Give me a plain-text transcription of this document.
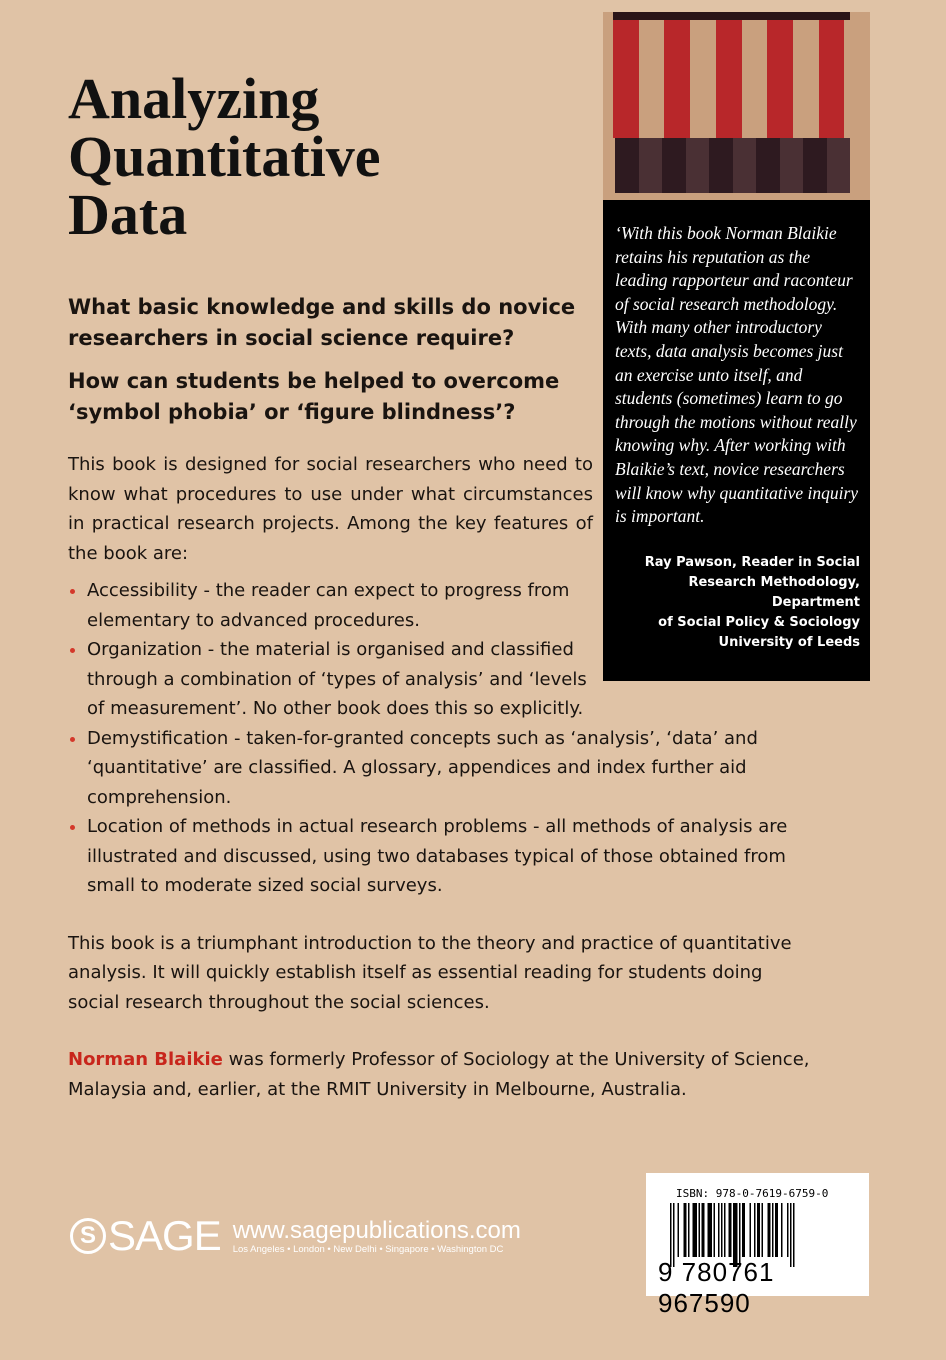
‘With this book Norman Blaikie retains his reputation as the leading rapporteur and raconteur of social research methodology. With many other introductory texts, data analysis becomes just an exercise unto itself, and students (sometimes) learn to go through the motions without really knowing why. After working with Blaikie’s text, novice researchers will know why quantitative inquiry is important.
Ray Pawson, Reader in Social
Research Methodology, Department
of Social Policy & Sociology
University of Leeds
Analyzing
Quantitative
Data

What basic knowledge and skills do novice researchers in social science require?

How can students be helped to overcome ‘symbol phobia’ or ‘figure blindness’?

This book is designed for social researchers who need to know what procedures to use under what circumstances in practical research projects. Among the key features of the book are:

Accessibility - the reader can expect to progress from elementary to advanced procedures.
Organization - the material is organised and classified through a combination of ‘types of analysis’ and ‘levels of measurement’. No other book does this so explicitly.
Demystification - taken-for-granted concepts such as ‘analysis’, ‘data’ and ‘quantitative’ are classified. A glossary, appendices and index further aid comprehension.
Location of methods in actual research problems - all methods of analysis are illustrated and discussed, using two databases typical of those obtained from small to moderate sized social surveys.

This book is a triumphant introduction to the theory and practice of quantitative analysis. It will quickly establish itself as essential reading for students doing social research throughout the social sciences.

Norman Blaikie was formerly Professor of Sociology at the University of Science, Malaysia and, earlier, at the RMIT University in Melbourne, Australia.

S SAGE www.sagepublications.com
Los Angeles • London • New Delhi • Singapore • Washington DC
ISBN: 978-0-7619-6759-0
9 780761 967590
